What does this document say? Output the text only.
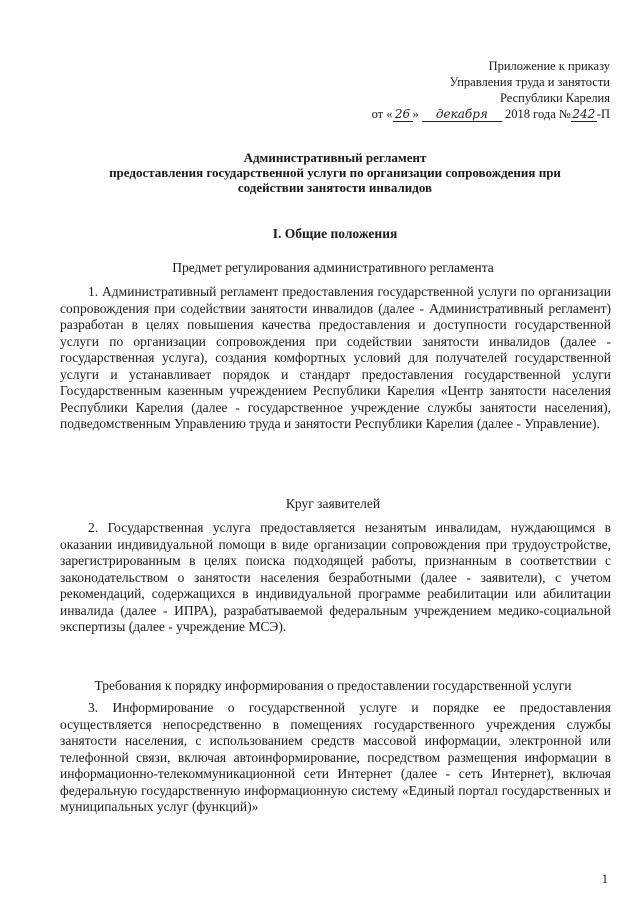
Приложение к приказу
Управления труда и занятости
Республики Карелия
от « 26 » декабря 2018 года № 242 -П
Административный регламент
предоставления государственной услуги по организации сопровождения при
содействии занятости инвалидов
I. Общие положения
Предмет регулирования административного регламента
1. Административный регламент предоставления государственной услуги по организации сопровождения при содействии занятости инвалидов (далее - Административный регламент) разработан в целях повышения качества предоставления и доступности государственной услуги по организации сопровождения при содействии занятости инвалидов (далее - государственная услуга), создания комфортных условий для получателей государственной услуги и устанавливает порядок и стандарт предоставления государственной услуги Государственным казенным учреждением Республики Карелия «Центр занятости населения Республики Карелия (далее - государственное учреждение службы занятости населения), подведомственным Управлению труда и занятости Республики Карелия (далее - Управление).
Круг заявителей
2. Государственная услуга предоставляется незанятым инвалидам, нуждающимся в оказании индивидуальной помощи в виде организации сопровождения при трудоустройстве, зарегистрированным в целях поиска подходящей работы, признанным в соответствии с законодательством о занятости населения безработными (далее - заявители), с учетом рекомендаций, содержащихся в индивидуальной программе реабилитации или абилитации инвалида (далее - ИПРА), разрабатываемой федеральным учреждением медико-социальной экспертизы (далее - учреждение МСЭ).
Требования к порядку информирования о предоставлении государственной услуги
3. Информирование о государственной услуге и порядке ее предоставления осуществляется непосредственно в помещениях государственного учреждения службы занятости населения, с использованием средств массовой информации, электронной или телефонной связи, включая автоинформирование, посредством размещения информации в информационно-телекоммуникационной сети Интернет (далее - сеть Интернет), включая федеральную государственную информационную систему «Единый портал государственных и муниципальных услуг (функций)»
1
